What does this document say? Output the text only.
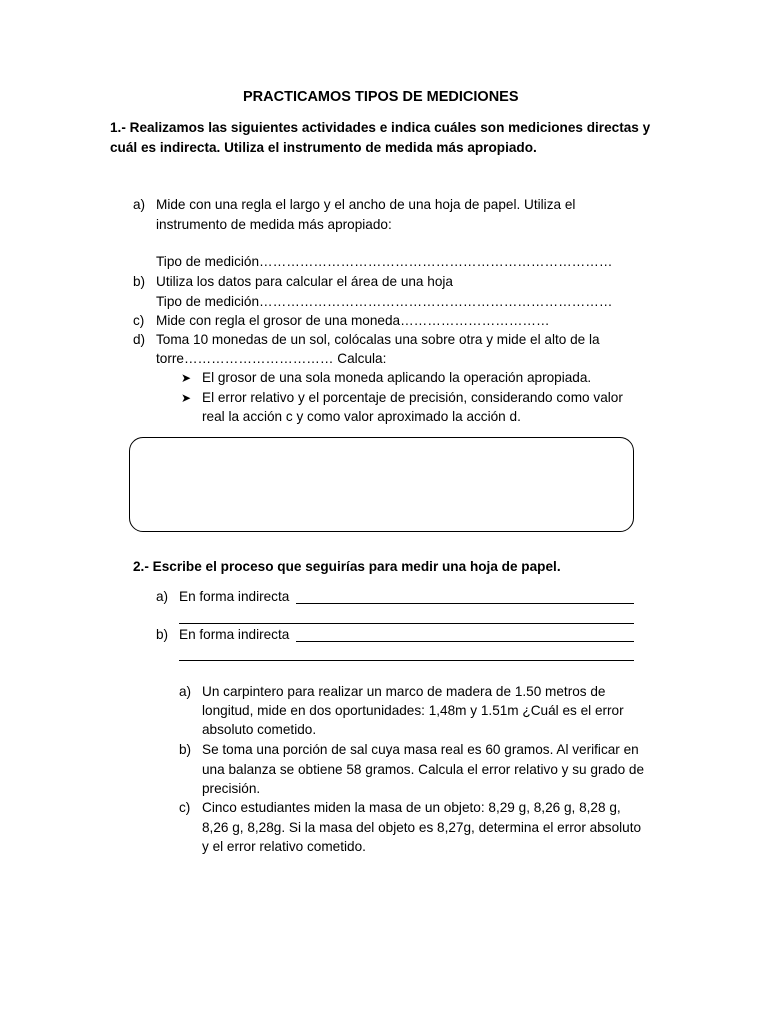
PRACTICAMOS TIPOS DE MEDICIONES
1.- Realizamos las siguientes actividades e indica cuáles son mediciones directas y
cuál es indirecta. Utiliza el instrumento de medida más apropiado.
a) Mide con una regla el largo y el ancho de una hoja de papel. Utiliza el
instrumento de medida más apropiado:
Tipo de medición……………………………………………………………………
b) Utiliza los datos para calcular el área de una hoja
Tipo de medición……………………………………………………………………
c) Mide con regla el grosor de una moneda……………………………
d) Toma 10 monedas de un sol, colócalas una sobre otra y mide el alto de la
torre…………………………… Calcula:
➤ El grosor de una sola moneda aplicando la operación apropiada.
➤ El error relativo y el porcentaje de precisión, considerando como valor
real la acción c y como valor aproximado la acción d.
2.- Escribe el proceso que seguirías para medir una hoja de papel.
a) En forma indirecta
b) En forma indirecta
a) Un carpintero para realizar un marco de madera de 1.50 metros de
longitud, mide en dos oportunidades: 1,48m y 1.51m ¿Cuál es el error
absoluto cometido.
b) Se toma una porción de sal cuya masa real es 60 gramos. Al verificar en
una balanza se obtiene 58 gramos. Calcula el error relativo y su grado de
precisión.
c) Cinco estudiantes miden la masa de un objeto: 8,29 g, 8,26 g, 8,28 g,
8,26 g, 8,28g. Si la masa del objeto es 8,27g, determina el error absoluto
y el error relativo cometido.
